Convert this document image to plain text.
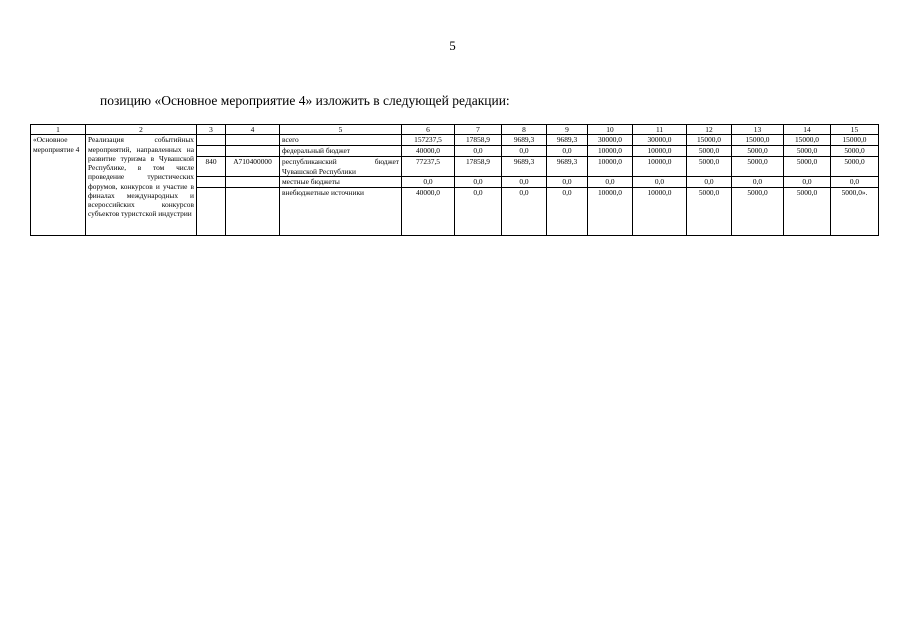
5
позицию «Основное мероприятие 4» изложить в следующей редакции:
1	2	3	4	5	6	7	8	9	10	11	12	13	14	15
«Основное мероприятие 4	Реализация событийных мероприятий, направленных на развитие туризма в Чувашской Республике, в том числе проведение туристических форумов, конкурсов и участие в финалах международных и всероссийских конкурсов субъектов туристской индустрии			всего	157237,5	17858,9	9689,3	9689,3	30000,0	30000,0	15000,0	15000,0	15000,0	15000,0
				федеральный бюджет	40000,0	0,0	0,0	0,0	10000,0	10000,0	5000,0	5000,0	5000,0	5000,0
		840	А710400000	республиканский бюджет Чувашской Республики	77237,5	17858,9	9689,3	9689,3	10000,0	10000,0	5000,0	5000,0	5000,0	5000,0
				местные бюджеты	0,0	0,0	0,0	0,0	0,0	0,0	0,0	0,0	0,0	0,0
				внебюджетные источники	40000,0	0,0	0,0	0,0	10000,0	10000,0	5000,0	5000,0	5000,0	5000,0».
